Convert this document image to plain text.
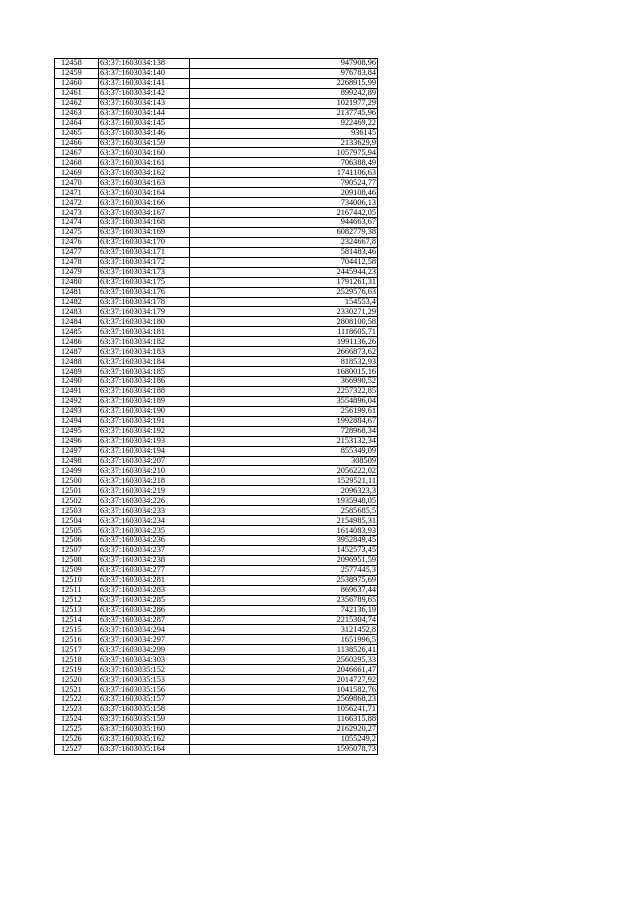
12458	63:37:1603034:138	947908,96
12459	63:37:1603034:140	976783,84
12460	63:37:1603034:141	2268915,99
12461	63:37:1603034:142	899242,89
12462	63:37:1603034:143	1021977,29
12463	63:37:1603034:144	2137745,96
12464	63:37:1603034:145	922469,22
12465	63:37:1603034:146	936145
12466	63:37:1603034:159	2133629,9
12467	63:37:1603034:160	1057975,94
12468	63:37:1603034:161	706388,49
12469	63:37:1603034:162	1741106,63
12470	63:37:1603034:163	790524,77
12471	63:37:1603034:164	209108,46
12472	63:37:1603034:166	734006,13
12473	63:37:1603034:167	2167442,05
12474	63:37:1603034:168	944663,67
12475	63:37:1603034:169	6082779,38
12476	63:37:1603034:170	2324667,8
12477	63:37:1603034:171	581483,46
12478	63:37:1603034:172	704412,58
12479	63:37:1603034:173	2445944,23
12480	63:37:1603034:175	1791261,31
12481	63:37:1603034:176	2529576,63
12482	63:37:1603034:178	154553,4
12483	63:37:1603034:179	2330271,29
12484	63:37:1603034:180	2808100,58
12485	63:37:1603034:181	1118605,71
12486	63:37:1603034:182	1991136,26
12487	63:37:1603034:183	2666873,62
12488	63:37:1603034:184	818532,93
12489	63:37:1603034:185	1680015,16
12490	63:37:1603034:186	366990,52
12491	63:37:1603034:188	2257322,85
12492	63:37:1603034:189	3554896,04
12493	63:37:1603034:190	256199,61
12494	63:37:1603034:191	1992884,67
12495	63:37:1603034:192	728968,34
12496	63:37:1603034:193	2153132,34
12497	63:37:1603034:194	855349,09
12498	63:37:1603034:207	308509
12499	63:37:1603034:210	2056222,02
12500	63:37:1603034:218	1529521,11
12501	63:37:1603034:219	2096323,3
12502	63:37:1603034:226	1935948,05
12503	63:37:1603034:233	2585685,5
12504	63:37:1603034:234	2154985,31
12505	63:37:1603034:235	1614083,93
12506	63:37:1603034:236	3952849,45
12507	63:37:1603034:237	1452573,45
12508	63:37:1603034:238	2096951,59
12509	63:37:1603034:277	2577445,3
12510	63:37:1603034:281	2538975,69
12511	63:37:1603034:283	869637,44
12512	63:37:1603034:285	2356789,65
12513	63:37:1603034:286	742136,19
12514	63:37:1603034:287	2215304,74
12515	63:37:1603034:294	3121452,8
12516	63:37:1603034:297	1651996,5
12517	63:37:1603034:299	1138526,41
12518	63:37:1603034:303	2560295,33
12519	63:37:1603035:152	2046661,47
12520	63:37:1603035:153	2014727,92
12521	63:37:1603035:156	1041582,76
12522	63:37:1603035:157	2569868,23
12523	63:37:1603035:158	1056241,71
12524	63:37:1603035:159	1166315,88
12525	63:37:1603035:160	2162920,27
12526	63:37:1603035:162	1055249,2
12527	63:37:1603035:164	1595078,73
